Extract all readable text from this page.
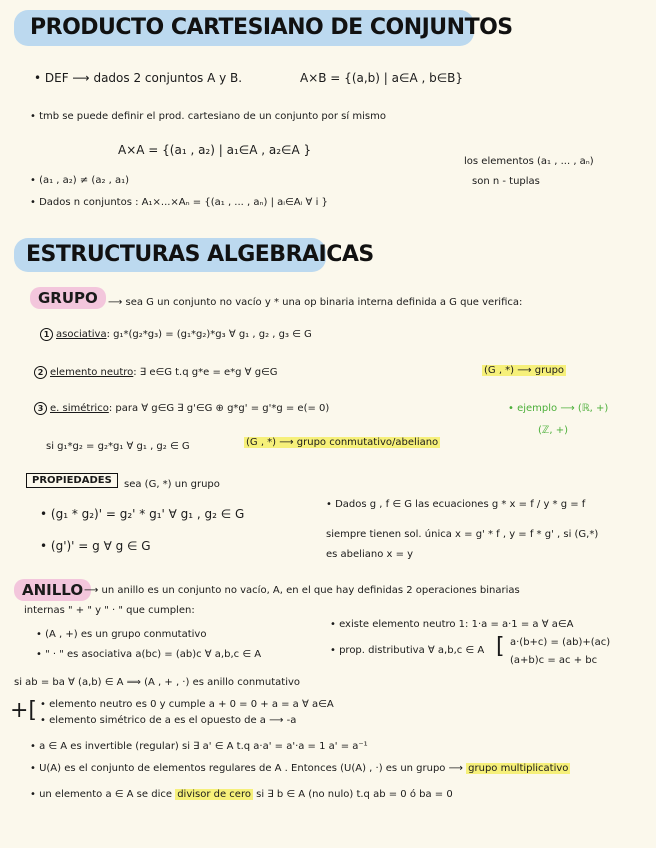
PRODUCTO CARTESIANO DE CONJUNTOS
• DEF ⟶ dados 2 conjuntos A y B.	A×B = {(a,b) | a∈A , b∈B}
• tmb se puede definir el prod. cartesiano de un conjunto por sí mismo
A×A = {(a₁ , a₂) | a₁∈A , a₂∈A }
los elementos (a₁ , ... , aₙ)
• (a₁ , a₂) ≠ (a₂ , a₁)	son n - tuplas
• Dados n conjuntos : A₁×...×Aₙ = {(a₁ , ... , aₙ) | aᵢ∈Aᵢ ∀ i }
ESTRUCTURAS ALGEBRAICAS
GRUPO	⟶ sea G un conjunto no vacío y * una op binaria interna definida a G que verifica:
1 asociativa: g₁*(g₂*g₃) = (g₁*g₂)*g₃ ∀ g₁ , g₂ , g₃ ∈ G
2 elemento neutro: ∃ e∈G t.q g*e = e*g ∀ g∈G	(G , *) ⟶ grupo
3 e. simétrico: para ∀ g∈G ∃ g'∈G ⊕ g*g' = g'*g = e(= 0)	• ejemplo ⟶ (ℝ, +)
(ℤ, +)
si g₁*g₂ = g₂*g₁ ∀ g₁ , g₂ ∈ G	(G , *) ⟶ grupo conmutativo/abeliano
PROPIEDADES	sea (G, *) un grupo
• (g₁ * g₂)' = g₂' * g₁' ∀ g₁ , g₂ ∈ G
• Dados g , f ∈ G las ecuaciones g * x = f / y * g = f
• (g')' = g ∀ g ∈ G
siempre tienen sol. única x = g' * f , y = f * g' , si (G,*)
es abeliano x = y
ANILLO ⟶ un anillo es un conjunto no vacío, A, en el que hay definidas 2 operaciones binarias
internas " + " y " · " que cumplen:
• (A , +) es un grupo conmutativo
• existe elemento neutro 1: 1·a = a·1 = a ∀ a∈A
• " · " es asociativa a(bc) = (ab)c ∀ a,b,c ∈ A	• prop. distributiva ∀ a,b,c ∈ A [ a·(b+c) = (ab)+(ac)
(a+b)c = ac + bc
si ab = ba ∀ (a,b) ∈ A ⟹ (A , + , ·) es anillo conmutativo
+[ • elemento neutro es 0 y cumple a + 0 = 0 + a = a ∀ a∈A
• elemento simétrico de a es el opuesto de a ⟶ -a
• a ∈ A es invertible (regular) si ∃ a' ∈ A t.q a·a' = a'·a = 1 a' = a⁻¹
• U(A) es el conjunto de elementos regulares de A . Entonces (U(A) , ·) es un grupo ⟶ grupo multiplicativo
• un elemento a ∈ A se dice divisor de cero si ∃ b ∈ A (no nulo) t.q ab = 0 ó ba = 0
